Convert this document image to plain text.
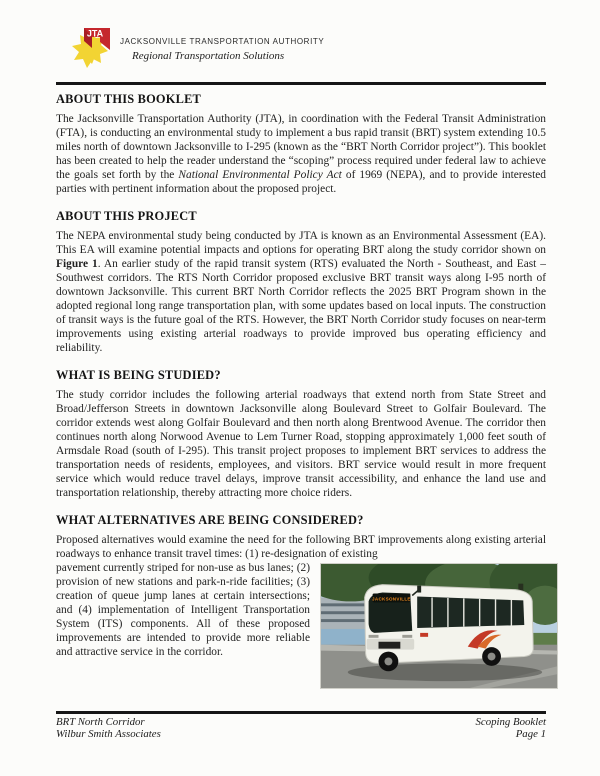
JTA
JACKSONVILLE TRANSPORTATION AUTHORITY
Regional Transportation Solutions
ABOUT THIS BOOKLET

The Jacksonville Transportation Authority (JTA), in coordination with the Federal Transit Administration (FTA), is conducting an environmental study to implement a bus rapid transit (BRT) system extending 10.5 miles north of downtown Jacksonville to I-295 (known as the “BRT North Corridor project”). This booklet has been created to help the reader understand the “scoping” process required under federal law to achieve the goals set forth by the National Environmental Policy Act of 1969 (NEPA), and to provide interested parties with pertinent information about the proposed project.

ABOUT THIS PROJECT

The NEPA environmental study being conducted by JTA is known as an Environmental Assessment (EA). This EA will examine potential impacts and options for operating BRT along the study corridor shown on Figure 1. An earlier study of the rapid transit system (RTS) evaluated the North - Southeast, and East – Southwest corridors. The RTS North Corridor proposed exclusive BRT transit ways along I-95 north of downtown Jacksonville. This current BRT North Corridor reflects the 2025 BRT Program shown in the adopted regional long range transportation plan, with some updates based on local inputs. The construction of transit ways is the future goal of the RTS. However, the BRT North Corridor study focuses on near-term improvements using existing arterial roadways to provide improved bus operating efficiency and reliability.

WHAT IS BEING STUDIED?

The study corridor includes the following arterial roadways that extend north from State Street and Broad/Jefferson Streets in downtown Jacksonville along Boulevard Street to Golfair Boulevard. The corridor extends west along Golfair Boulevard and then north along Brentwood Avenue. The corridor then continues north along Norwood Avenue to Lem Turner Road, stopping approximately 1,000 feet south of Armsdale Road (south of I-295). This transit project proposes to implement BRT services to address the transportation needs of residents, employees, and visitors. BRT service would result in more frequent service which would reduce travel delays, improve transit accessibility, and enhance the land use and transportation relationship, thereby attracting more choice riders.

WHAT ALTERNATIVES ARE BEING CONSIDERED?

Proposed alternatives would examine the need for the following BRT improvements along existing arterial roadways to enhance transit travel times: (1) re-designation of existing

JACKSONVILLE

pavement currently striped for non-use as bus lanes; (2) provision of new stations and park-n-ride facilities; (3) creation of queue jump lanes at certain intersections; and (4) implementation of Intelligent Transportation System (ITS) components. All of these proposed improvements are intended to provide more reliable and attractive service in the corridor.

BRT North Corridor
Wilbur Smith Associates
Scoping Booklet
Page 1
